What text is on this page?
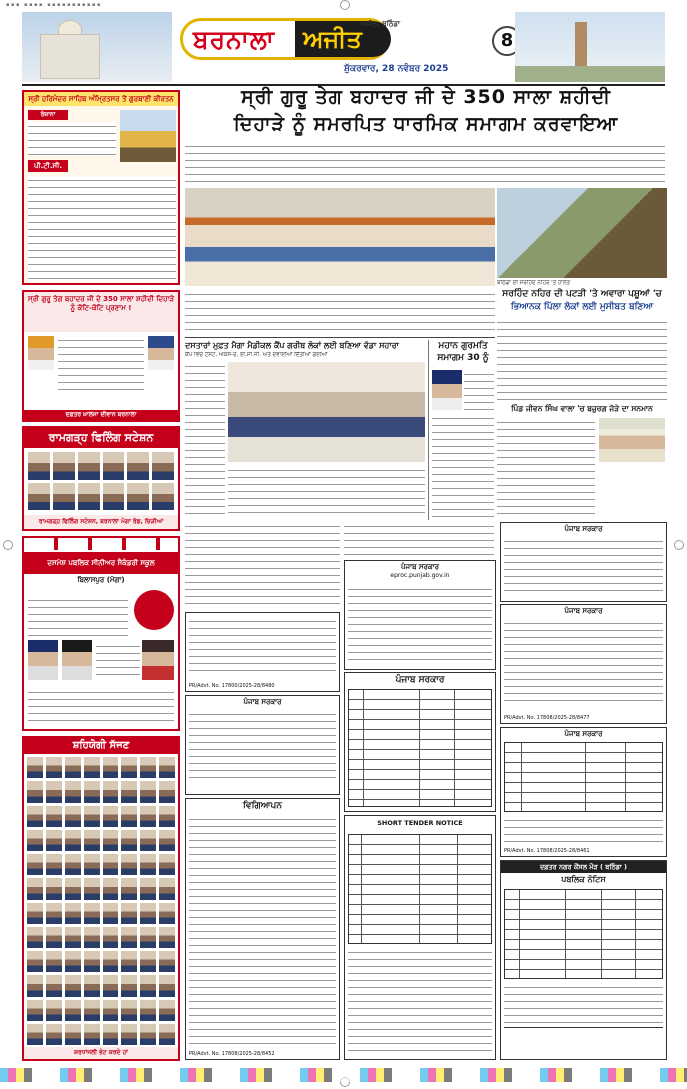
▪ ▪ ▪   ▪ ▪ ▪ ▪   ▪ ▪ ▪ ▪ ▪ ▪ ▪ ▪ ▪ ▪ ▪
ਬਰਨਾਲਾ ਅਜੀਤ
ਅਜੀਤ, ਬਠਿੰਡਾ
ਸ਼ੁੱਕਰਵਾਰ, 28 ਨਵੰਬਰ 2025
8
ਸ੍ਰੀ ਹਰਿਮੰਦਰ ਸਾਹਿਬ ਅੰਮ੍ਰਿਤਸਰ ਤੋਂ ਗੁਰਬਾਣੀ ਕੀਰਤਨ
ਰੋਜ਼ਾਨਾ
ਪੀ.ਟੀ.ਸੀ.
ਸ੍ਰੀ ਗੁਰੂ ਤੇਗ ਬਹਾਦਰ ਜੀ ਦੇ 350 ਸਾਲਾ ਸ਼ਹੀਦੀ ਦਿਹਾੜੇ ਨੂੰ ਕੋਟਿ-ਕੋਟਿ ਪ੍ਰਣਾਮ !
ਦਫ਼ਤਰ ਖ਼ਾਲਸਾ ਦੀਵਾਨ ਬਰਨਾਲਾ
ਰਾਮਗੜ੍ਹ ਫਿਲਿੰਗ ਸਟੇਸ਼ਨ
ਰਾਮਗੜ੍ਹ ਫਿਲਿੰਗ ਸਟੇਸ਼ਨ, ਬਰਨਾਲਾ ਮੋਗਾ ਰੋਡ, ਚਿੜੀਆਂ
ਦਸਮੇਸ਼ ਪਬਲਿਕ ਸੀਨੀਅਰ ਸੈਕੰਡਰੀ ਸਕੂਲ
ਬਿਲਾਸਪੁਰ (ਮੋਗਾ)
ਸ਼ਹਿਯੋਗੀ ਸੱਜਣ
ਸ਼ਰਧਾਂਜਲੀ ਭੇਟ ਕਰਦੇ ਹਾਂ
ਸ੍ਰੀ ਗੁਰੂ ਤੇਗ ਬਹਾਦਰ ਜੀ ਦੇ 350 ਸਾਲਾ ਸ਼ਹੀਦੀ
ਦਿਹਾੜੇ ਨੂੰ ਸਮਰਪਿਤ ਧਾਰਮਿਕ ਸਮਾਗਮ ਕਰਵਾਇਆ
ਬਠਿੰਡਾ ਦੀ ਸਰਹਿੰਦ ਨਹਿਰ 'ਤੇ ਹਾਲਤ
ਸਰਹਿੰਦ ਨਹਿਰ ਦੀ ਪਟੜੀ 'ਤੇ ਅਵਾਰਾ ਪਸ਼ੂਆਂ 'ਚ
ਭਿਆਨਕ ਪਿੱਲਾ ਲੋਕਾਂ ਲਈ ਮੁਸੀਬਤ ਬਣਿਆ
ਪਿੰਡ ਜੀਵਨ ਸਿੰਘ ਵਾਲਾ 'ਚ ਬਜ਼ੁਰਗ ਜੋੜੇ ਦਾ ਸਨਮਾਨ
ਦਸਤਾਰਾਂ ਮੁਫ਼ਤ ਮੈਗਾ ਮੈਡੀਕਲ ਕੈਂਪ ਗਰੀਬ ਲੋਕਾਂ ਲਈ ਬਣਿਆ ਵੱਡਾ ਸਹਾਰਾ
ਕੈਂਪ ਵਿਚ ਟੈਸਟ, ਐਕਸ-ਰੇ, ਈ.ਸੀ.ਜੀ. ਅਤੇ ਦਵਾਈਆਂ ਦਿੱਤੀਆਂ ਗਈਆਂ
ਮਹਾਨ ਗੁਰਮਤਿ ਸਮਾਗਮ 30 ਨੂੰ
ਪੰਜਾਬ ਸਰਕਾਰ
ਪੰਜਾਬ ਸਰਕਾਰ
PR/Advt. No. 17808/2025-28/8477
PR/Advt. No. 17800/2025-28/8480
ਪੰਜਾਬ ਸਰਕਾਰ
eproc.punjab.gov.in
ਪੰਜਾਬ ਸਰਕਾਰ
ਪੰਜਾਬ ਸਰਕਾਰ
ਪੰਜਾਬ ਸਰਕਾਰ
PR/Advt. No. 17808/2025-28/8461
ਵਿਗਿਆਪਨ
PR/Advt. No. 17808/2025-28/8452
SHORT TENDER NOTICE
ਦਫ਼ਤਰ ਨਗਰ ਕੌਂਸਲ ਮੌੜ ( ਬਠਿੰਡਾ )
ਪਬਲਿਕ ਨੋਟਿਸ
